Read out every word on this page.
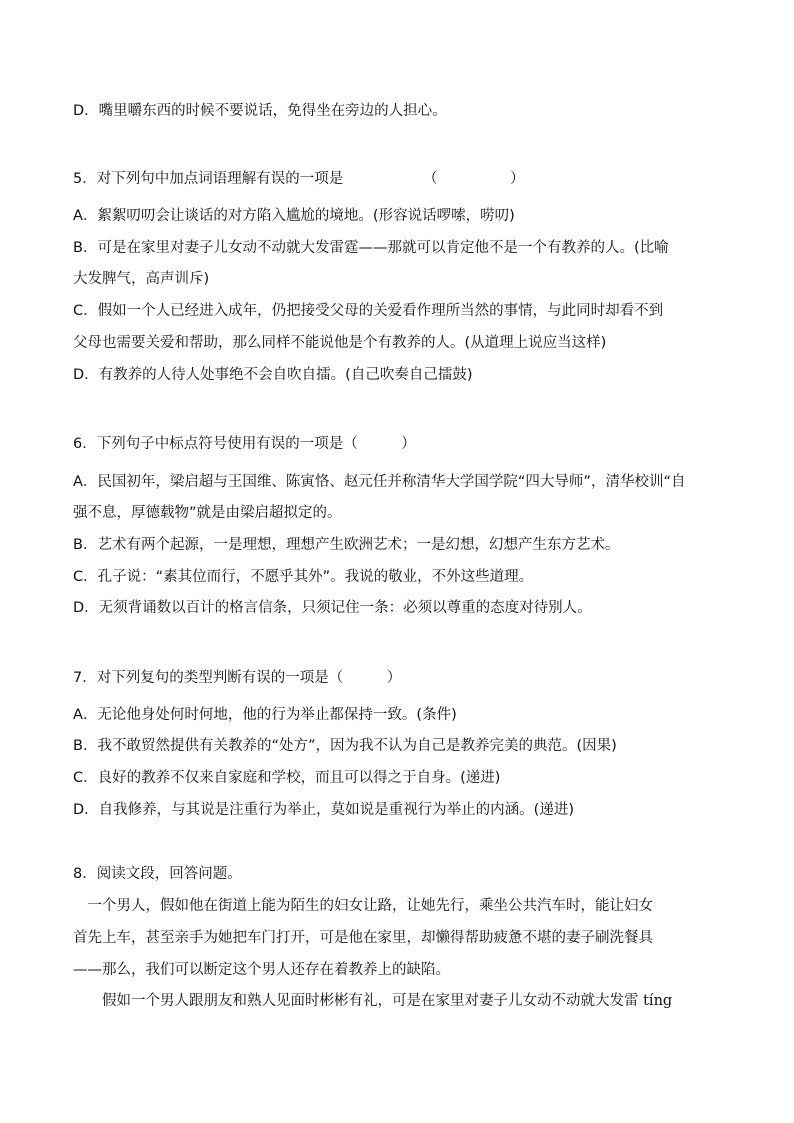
D．嘴里嚼东西的时候不要说话，免得坐在旁边的人担心。
5．对下列句中加点词语理解有误的一项是　　　　　　（　　　　　）
A．絮絮叨叨会让谈话的对方陷入尴尬的境地。(形容说话啰嗦，唠叨)
B．可是在家里对妻子儿女动不动就大发雷霆——那就可以肯定他不是一个有教养的人。(比喻
大发脾气，高声训斥)
C．假如一个人已经进入成年，仍把接受父母的关爱看作理所当然的事情，与此同时却看不到
父母也需要关爱和帮助，那么同样不能说他是个有教养的人。(从道理上说应当这样)
D．有教养的人待人处事绝不会自吹自擂。(自己吹奏自己擂鼓)
6．下列句子中标点符号使用有误的一项是（　　　）
A．民国初年，梁启超与王国维、陈寅恪、赵元任并称清华大学国学院“四大导师”，清华校训“自
强不息，厚德载物”就是由梁启超拟定的。
B．艺术有两个起源，一是理想，理想产生欧洲艺术；一是幻想，幻想产生东方艺术。
C．孔子说：“素其位而行，不愿乎其外”。我说的敬业，不外这些道理。
D．无须背诵数以百计的格言信条，只须记住一条：必须以尊重的态度对待别人。
7．对下列复句的类型判断有误的一项是（　　　）
A．无论他身处何时何地，他的行为举止都保持一致。(条件)
B．我不敢贸然提供有关教养的“处方”，因为我不认为自己是教养完美的典范。(因果)
C．良好的教养不仅来自家庭和学校，而且可以得之于自身。(递进)
D．自我修养，与其说是注重行为举止，莫如说是重视行为举止的内涵。(递进)
8．阅读文段，回答问题。
　一个男人，假如他在街道上能为陌生的妇女让路，让她先行，乘坐公共汽车时，能让妇女
首先上车，甚至亲手为她把车门打开，可是他在家里，却懒得帮助疲惫不堪的妻子刷洗餐具
——那么，我们可以断定这个男人还存在着教养上的缺陷。
　　假如一个男人跟朋友和熟人见面时彬彬有礼，可是在家里对妻子儿女动不动就大发雷 tíng
